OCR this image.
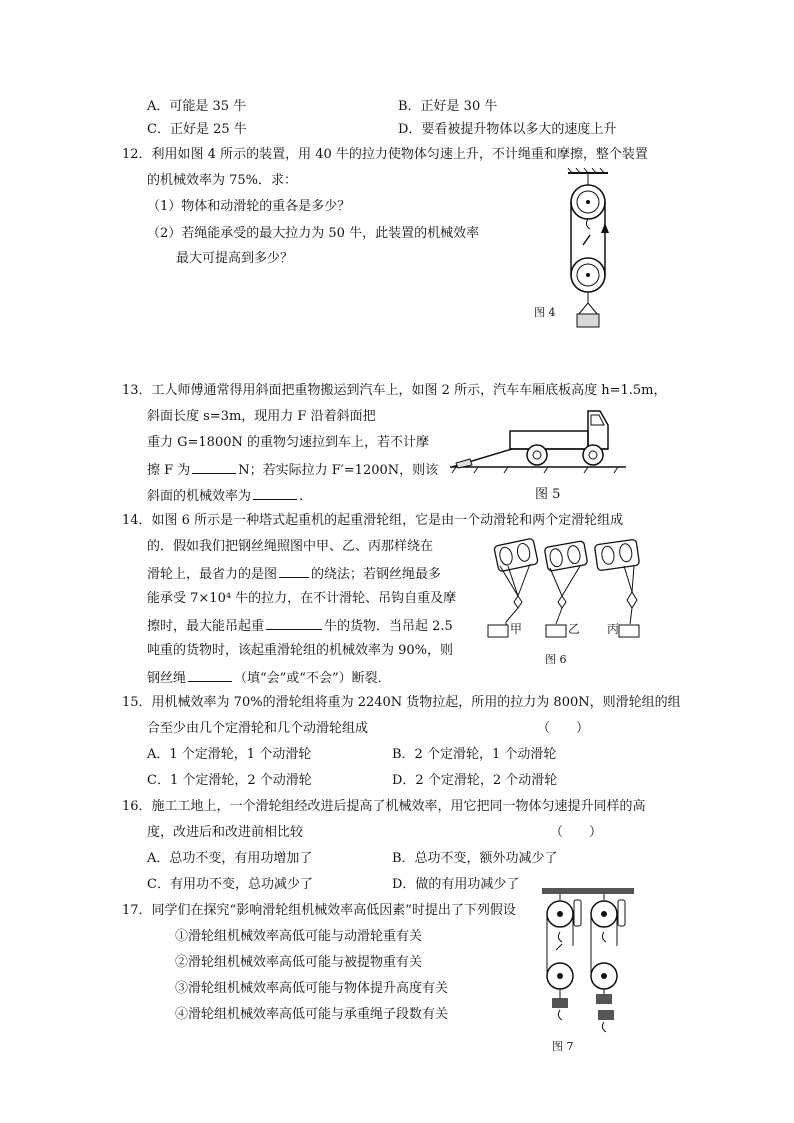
A．可能是 35 牛	B．正好是 30 牛
C．正好是 25 牛	D．要看被提升物体以多大的速度上升
12．利用如图 4 所示的装置，用 40 牛的拉力使物体匀速上升，不计绳重和摩擦，整个装置
的机械效率为 75%．求：
（1）物体和动滑轮的重各是多少？
（2）若绳能承受的最大拉力为 50 牛，此装置的机械效率
最大可提高到多少？
图 4
13．工人师傅通常得用斜面把重物搬运到汽车上，如图 2 所示，汽车车厢底板高度 h=1.5m，
斜面长度 s=3m，现用力 F 沿着斜面把
重力 G=1800N 的重物匀速拉到车上，若不计摩
擦 F 为	N；若实际拉力 F′=1200N，则该
斜面的机械效率为	.	图 5
14．如图 6 所示是一种塔式起重机的起重滑轮组，它是由一个动滑轮和两个定滑轮组成
的．假如我们把钢丝绳照图中甲、乙、丙那样绕在
滑轮上，最省力的是图	的绕法；若钢丝绳最多
能承受 7×10⁴ 牛的拉力，在不计滑轮、吊钩自重及摩
擦时，最大能吊起重	牛的货物．当吊起 2.5
吨重的货物时，该起重滑轮组的机械效率为 90%，则
钢丝绳	（填“会”或“不会”）断裂．
甲	乙 丙
图 6
15．用机械效率为 70%的滑轮组将重为 2240N 货物拉起，所用的拉力为 800N，则滑轮组的组
合至少由几个定滑轮和几个动滑轮组成	（　　）
A．1 个定滑轮，1 个动滑轮	B．2 个定滑轮，1 个动滑轮
C．1 个定滑轮，2 个动滑轮	D．2 个定滑轮，2 个动滑轮
16．施工工地上，一个滑轮组经改进后提高了机械效率，用它把同一物体匀速提升同样的高
度，改进后和改进前相比较	（　　）
A．总功不变，有用功增加了	B．总功不变，额外功减少了
C．有用功不变，总功减少了	D．做的有用功减少了
17．同学们在探究“影响滑轮组机械效率高低因素”时提出了下列假设
①滑轮组机械效率高低可能与动滑轮重有关
②滑轮组机械效率高低可能与被提物重有关
③滑轮组机械效率高低可能与物体提升高度有关
④滑轮组机械效率高低可能与承重绳子段数有关
图 7
